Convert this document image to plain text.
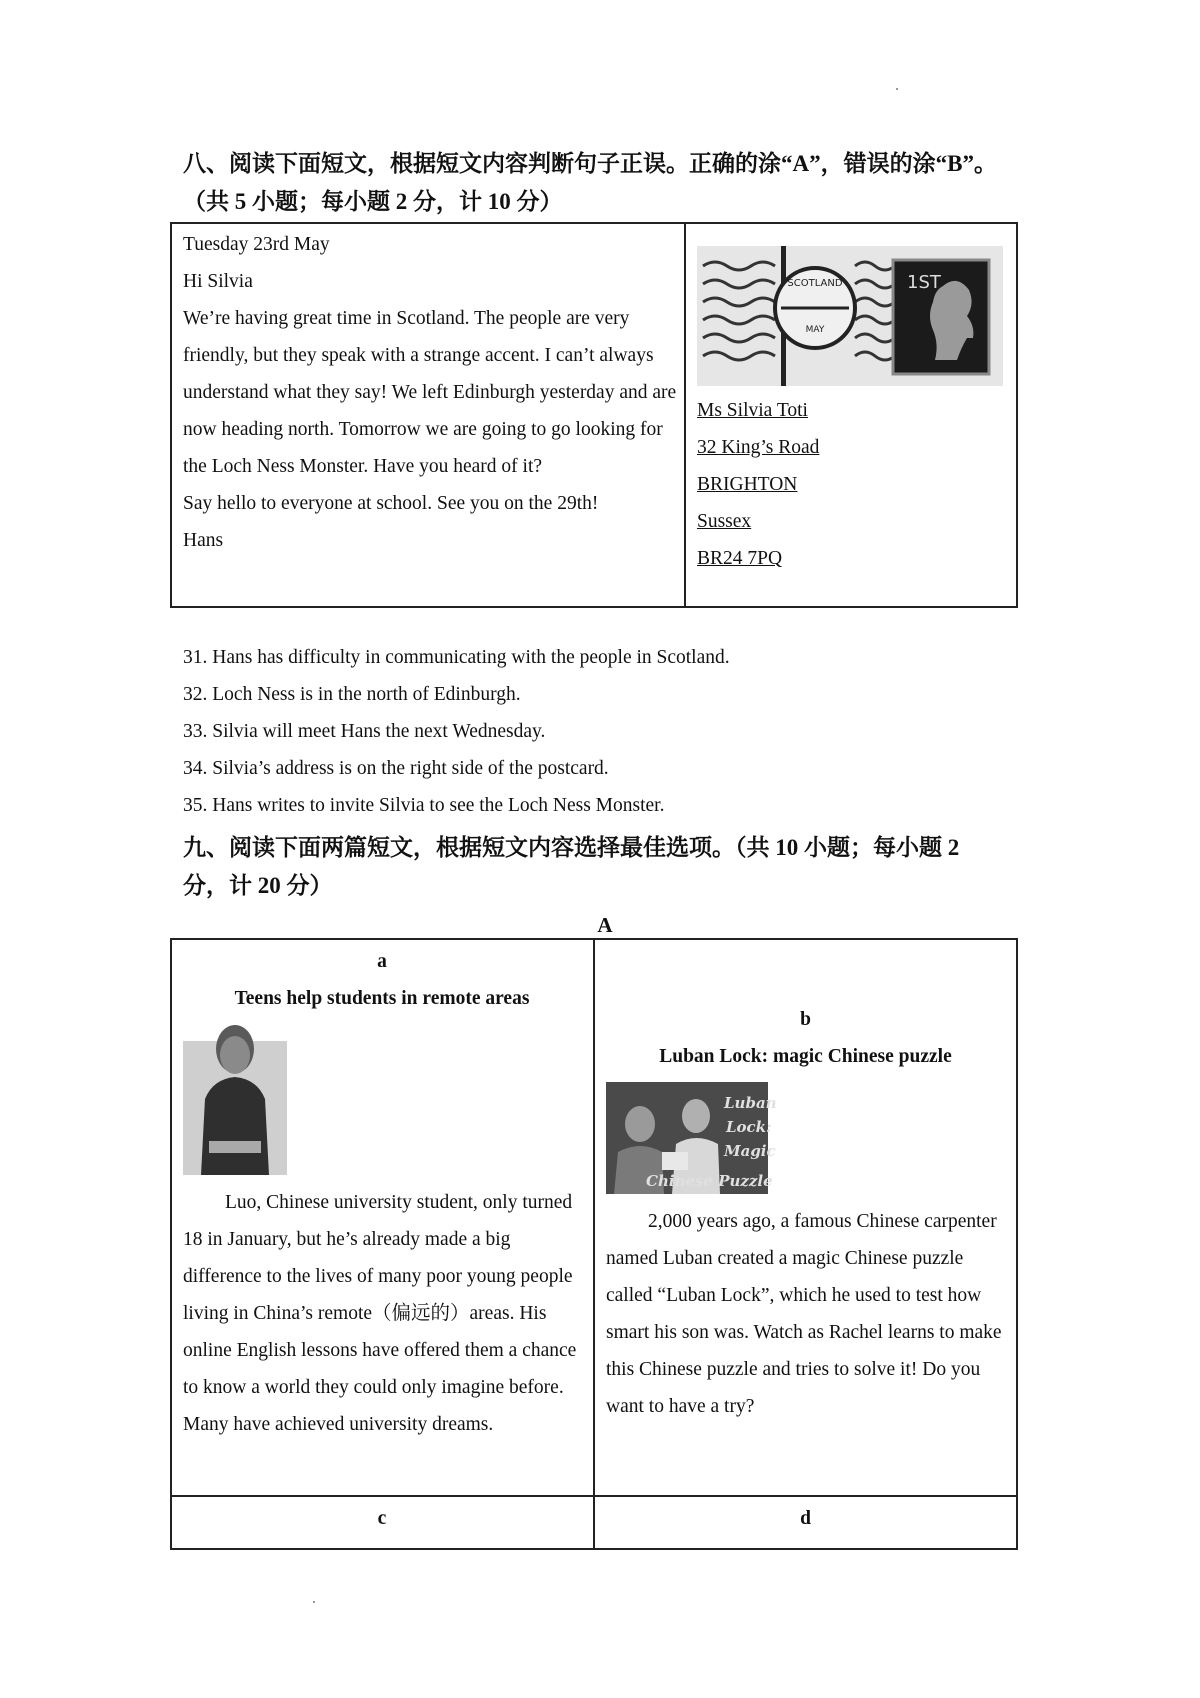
八、阅读下面短文，根据短文内容判断句子正误。正确的涂“A”，错误的涂“B”。
（共 5 小题；每小题 2 分，计 10 分）
Tuesday 23rd May
Hi Silvia
We’re having great time in Scotland. The people are very friendly, but they speak with a strange accent. I can’t always understand what they say! We left Edinburgh yesterday and are now heading north. Tomorrow we are going to go looking for the Loch Ness Monster. Have you heard of it?
Say hello to everyone at school. See you on the 29th!
Hans
SCOTLAND
MAY
1ST
Ms Silvia Toti
32 King’s Road
BRIGHTON
Sussex
BR24 7PQ
31. Hans has difficulty in communicating with the people in Scotland.
32. Loch Ness is in the north of Edinburgh.
33. Silvia will meet Hans the next Wednesday.
34. Silvia’s address is on the right side of the postcard.
35. Hans writes to invite Silvia to see the Loch Ness Monster.
九、阅读下面两篇短文，根据短文内容选择最佳选项。（共 10 小题；每小题 2
分，计 20 分）
A
a
Teens help students in remote areas
Luo, Chinese university student, only turned 18 in January, but he’s already made a big difference to the lives of many poor young people living in China’s remote（偏远的）areas. His online English lessons have offered them a chance to know a world they could only imagine before. Many have achieved university dreams.
b
Luban Lock: magic Chinese puzzle
Luban
Lock:
Magic
Chinese Puzzle
2,000 years ago, a famous Chinese carpenter named Luban created a magic Chinese puzzle called “Luban Lock”, which he used to test how smart his son was. Watch as Rachel learns to make this Chinese puzzle and tries to solve it! Do you want to have a try?
c	d
